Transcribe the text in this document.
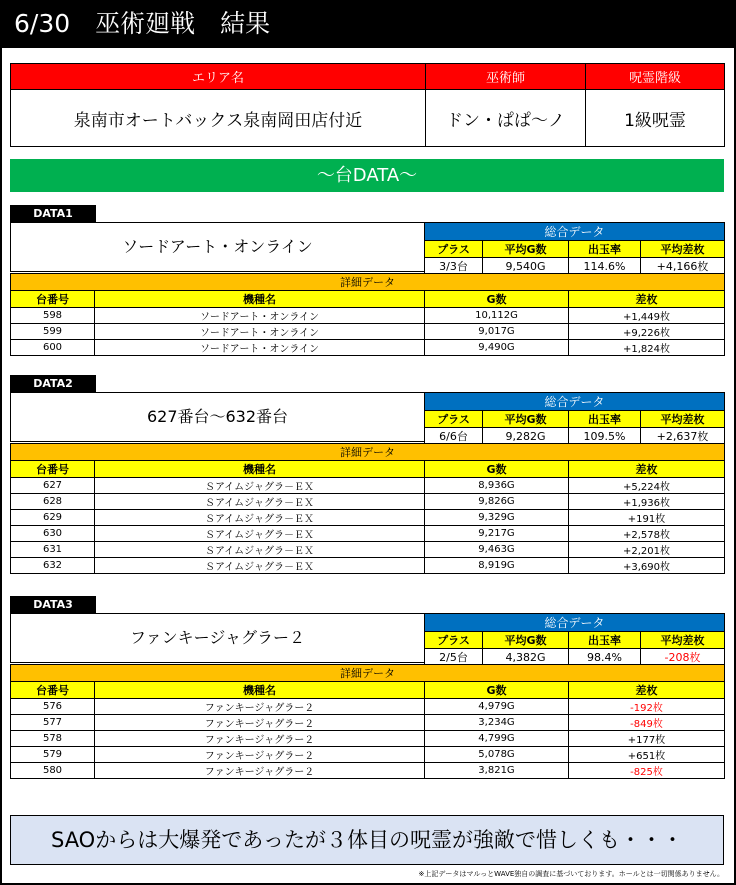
6/30　巫術廻戦　結果
エリア名	巫術師	呪霊階級
泉南市オートバックス泉南岡田店付近	ドン・ぱぱ～ノ	1級呪霊
～台DATA～
DATA1
ソードアート・オンライン
総合データ			
プラス	平均G数	出玉率	平均差枚
3/3台	9,540G	114.6%	+4,166枚
詳細データ			
台番号	機種名	G数	差枚
598	ソードアート・オンライン	10,112G	+1,449枚
599	ソードアート・オンライン	9,017G	+9,226枚
600	ソードアート・オンライン	9,490G	+1,824枚
DATA2
627番台～632番台
総合データ			
プラス	平均G数	出玉率	平均差枚
6/6台	9,282G	109.5%	+2,637枚
詳細データ			
台番号	機種名	G数	差枚
627	Ｓアイムジャグラ－ＥＸ	8,936G	+5,224枚
628	Ｓアイムジャグラ－ＥＸ	9,826G	+1,936枚
629	Ｓアイムジャグラ－ＥＸ	9,329G	+191枚
630	Ｓアイムジャグラ－ＥＸ	9,217G	+2,578枚
631	Ｓアイムジャグラ－ＥＸ	9,463G	+2,201枚
632	Ｓアイムジャグラ－ＥＸ	8,919G	+3,690枚
DATA3
ファンキージャグラー２
総合データ			
プラス	平均G数	出玉率	平均差枚
2/5台	4,382G	98.4%	-208枚
詳細データ			
台番号	機種名	G数	差枚
576	ファンキージャグラー２	4,979G	-192枚
577	ファンキージャグラー２	3,234G	-849枚
578	ファンキージャグラー２	4,799G	+177枚
579	ファンキージャグラー２	5,078G	+651枚
580	ファンキージャグラー２	3,821G	-825枚
SAOからは大爆発であったが３体目の呪霊が強敵で惜しくも・・・
※上記データはマルっとWAVE独自の調査に基づいております。ホールとは一切関係ありません。
